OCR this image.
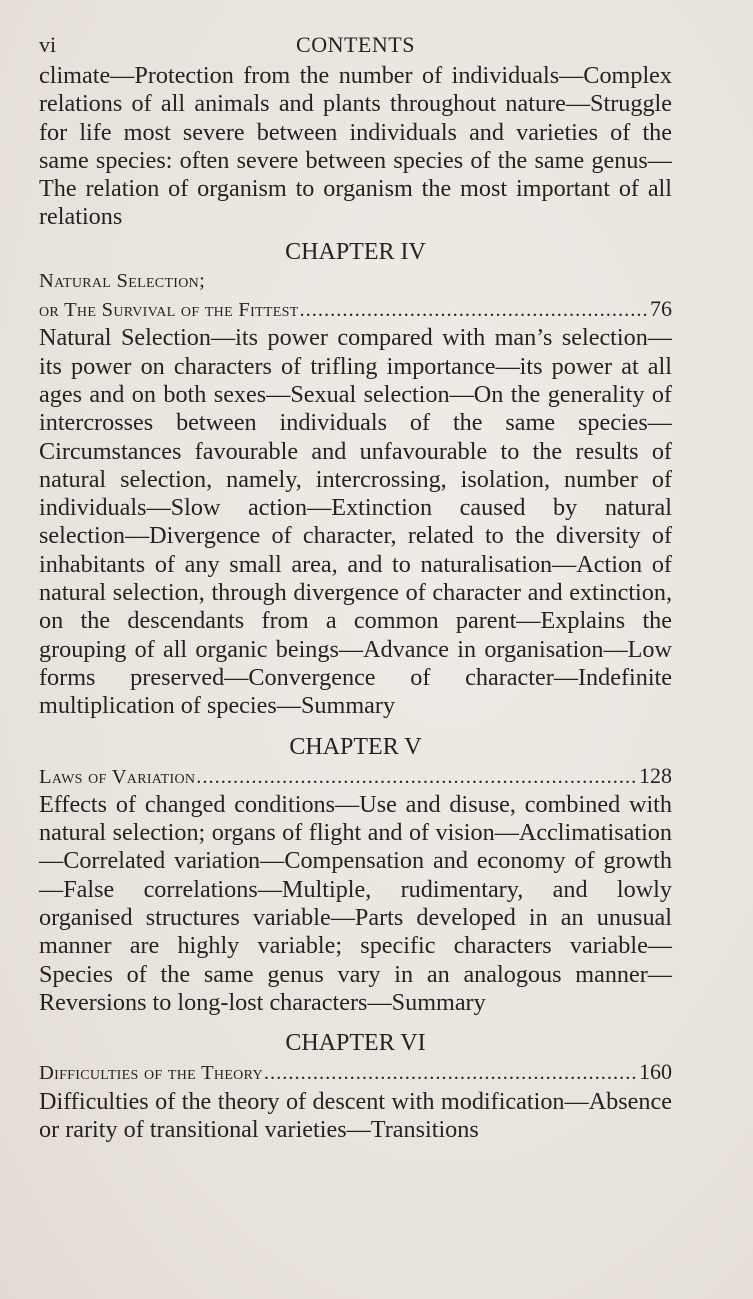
vi	CONTENTS

climate—Protection from the number of individuals—Complex relations of all animals and plants throughout nature—Struggle for life most severe between individuals and varieties of the same species: often severe between species of the same genus—The relation of organism to organism the most important of all relations

CHAPTER IV
Natural Selection;
or The Survival of the Fittest .....	76

Natural Selection—its power compared with man’s selection—its power on characters of trifling importance—its power at all ages and on both sexes—Sexual selection—On the generality of intercrosses between individuals of the same species—Circumstances favourable and unfavourable to the results of natural selection, namely, intercrossing, isolation, number of individuals—Slow action—Extinction caused by natural selection—Divergence of character, related to the diversity of inhabitants of any small area, and to naturalisation—Action of natural selection, through divergence of character and extinction, on the descendants from a common parent—Explains the grouping of all organic beings—Advance in organisation—Low forms preserved—Convergence of character—Indefinite multiplication of species—Summary

CHAPTER V
Laws of Variation .....	128

Effects of changed conditions—Use and disuse, combined with natural selection; organs of flight and of vision—Acclimatisation—Correlated variation—Compensation and economy of growth—False correlations—Multiple, rudimentary, and lowly organised structures variable—Parts developed in an unusual manner are highly variable; specific characters variable—Species of the same genus vary in an analogous manner—Reversions to long-lost characters—Summary

CHAPTER VI
Difficulties of the Theory .....	160

Difficulties of the theory of descent with modification—Absence or rarity of transitional varieties—Transitions
